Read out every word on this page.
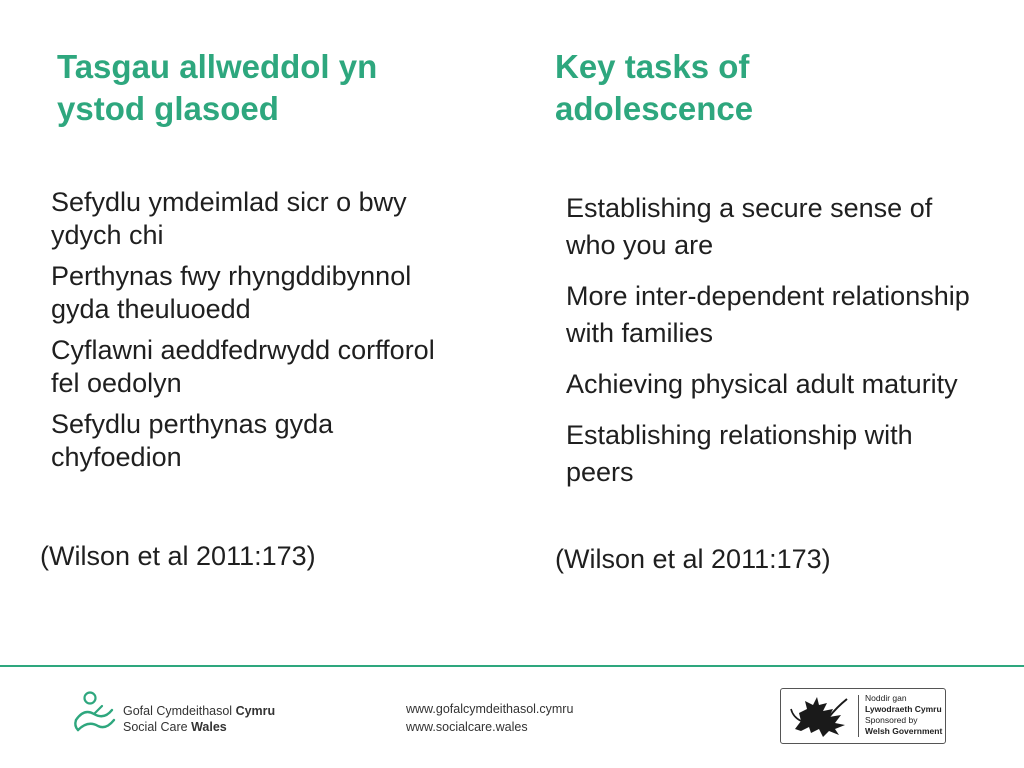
Tasgau allweddol yn
ystod glasoed
Key tasks of
adolescence
Sefydlu ymdeimlad sicr o bwy ydych chi
Perthynas fwy rhyngddibynnol gyda theuluoedd
Cyflawni aeddfedrwydd corfforol fel oedolyn
Sefydlu perthynas gyda chyfoedion

(Wilson et al 2011:173)

Establishing a secure sense of who you are
More inter-dependent relationship with families
Achieving physical adult maturity
Establishing relationship with peers

(Wilson et al 2011:173)

Gofal Cymdeithasol Cymru
Social Care Wales
www.gofalcymdeithasol.cymru
www.socialcare.wales
Noddir gan
Lywodraeth Cymru
Sponsored by
Welsh Government
